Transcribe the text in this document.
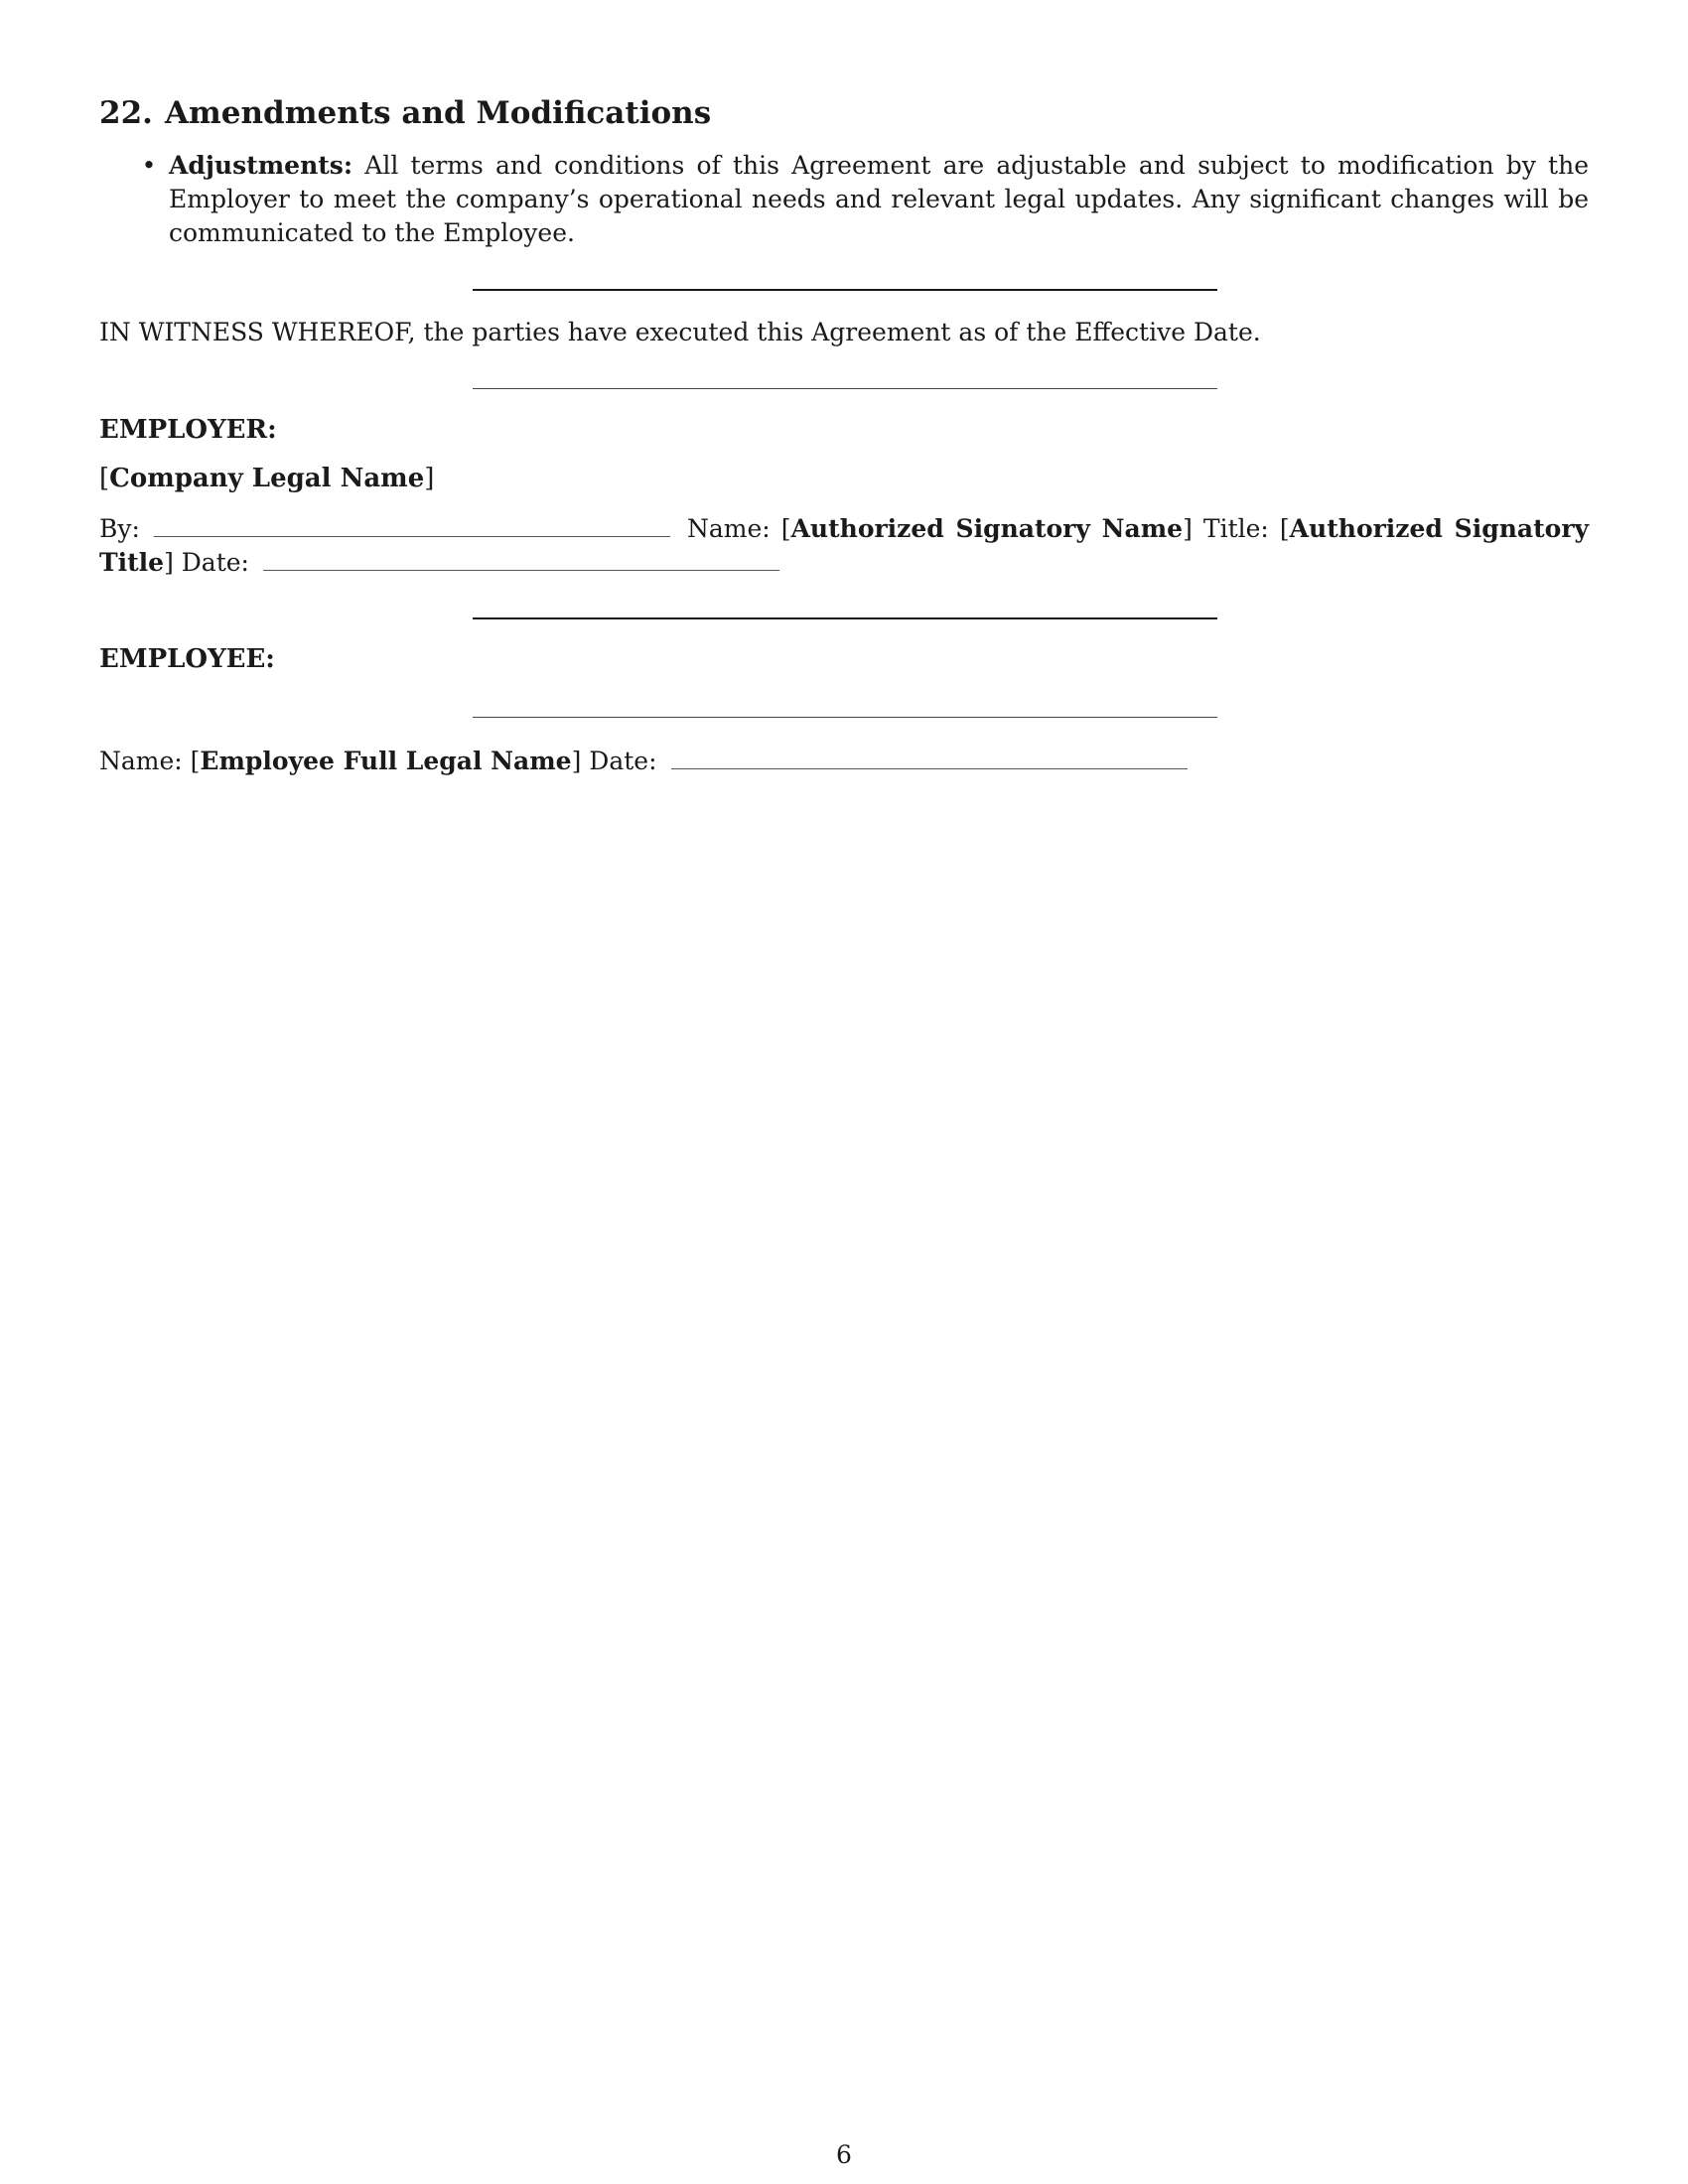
22. Amendments and Modifications
• Adjustments: All terms and conditions of this Agreement are adjustable and subject to modification by the Employer to meet the company’s operational needs and relevant legal updates. Any significant changes will be communicated to the Employee.
IN WITNESS WHEREOF, the parties have executed this Agreement as of the Effective Date.
EMPLOYER:
[Company Legal Name]
By:	Name: [Authorized Signatory Name] Title: [Authorized Signatory Title] Date:
EMPLOYEE:
Name: [Employee Full Legal Name] Date:
6
